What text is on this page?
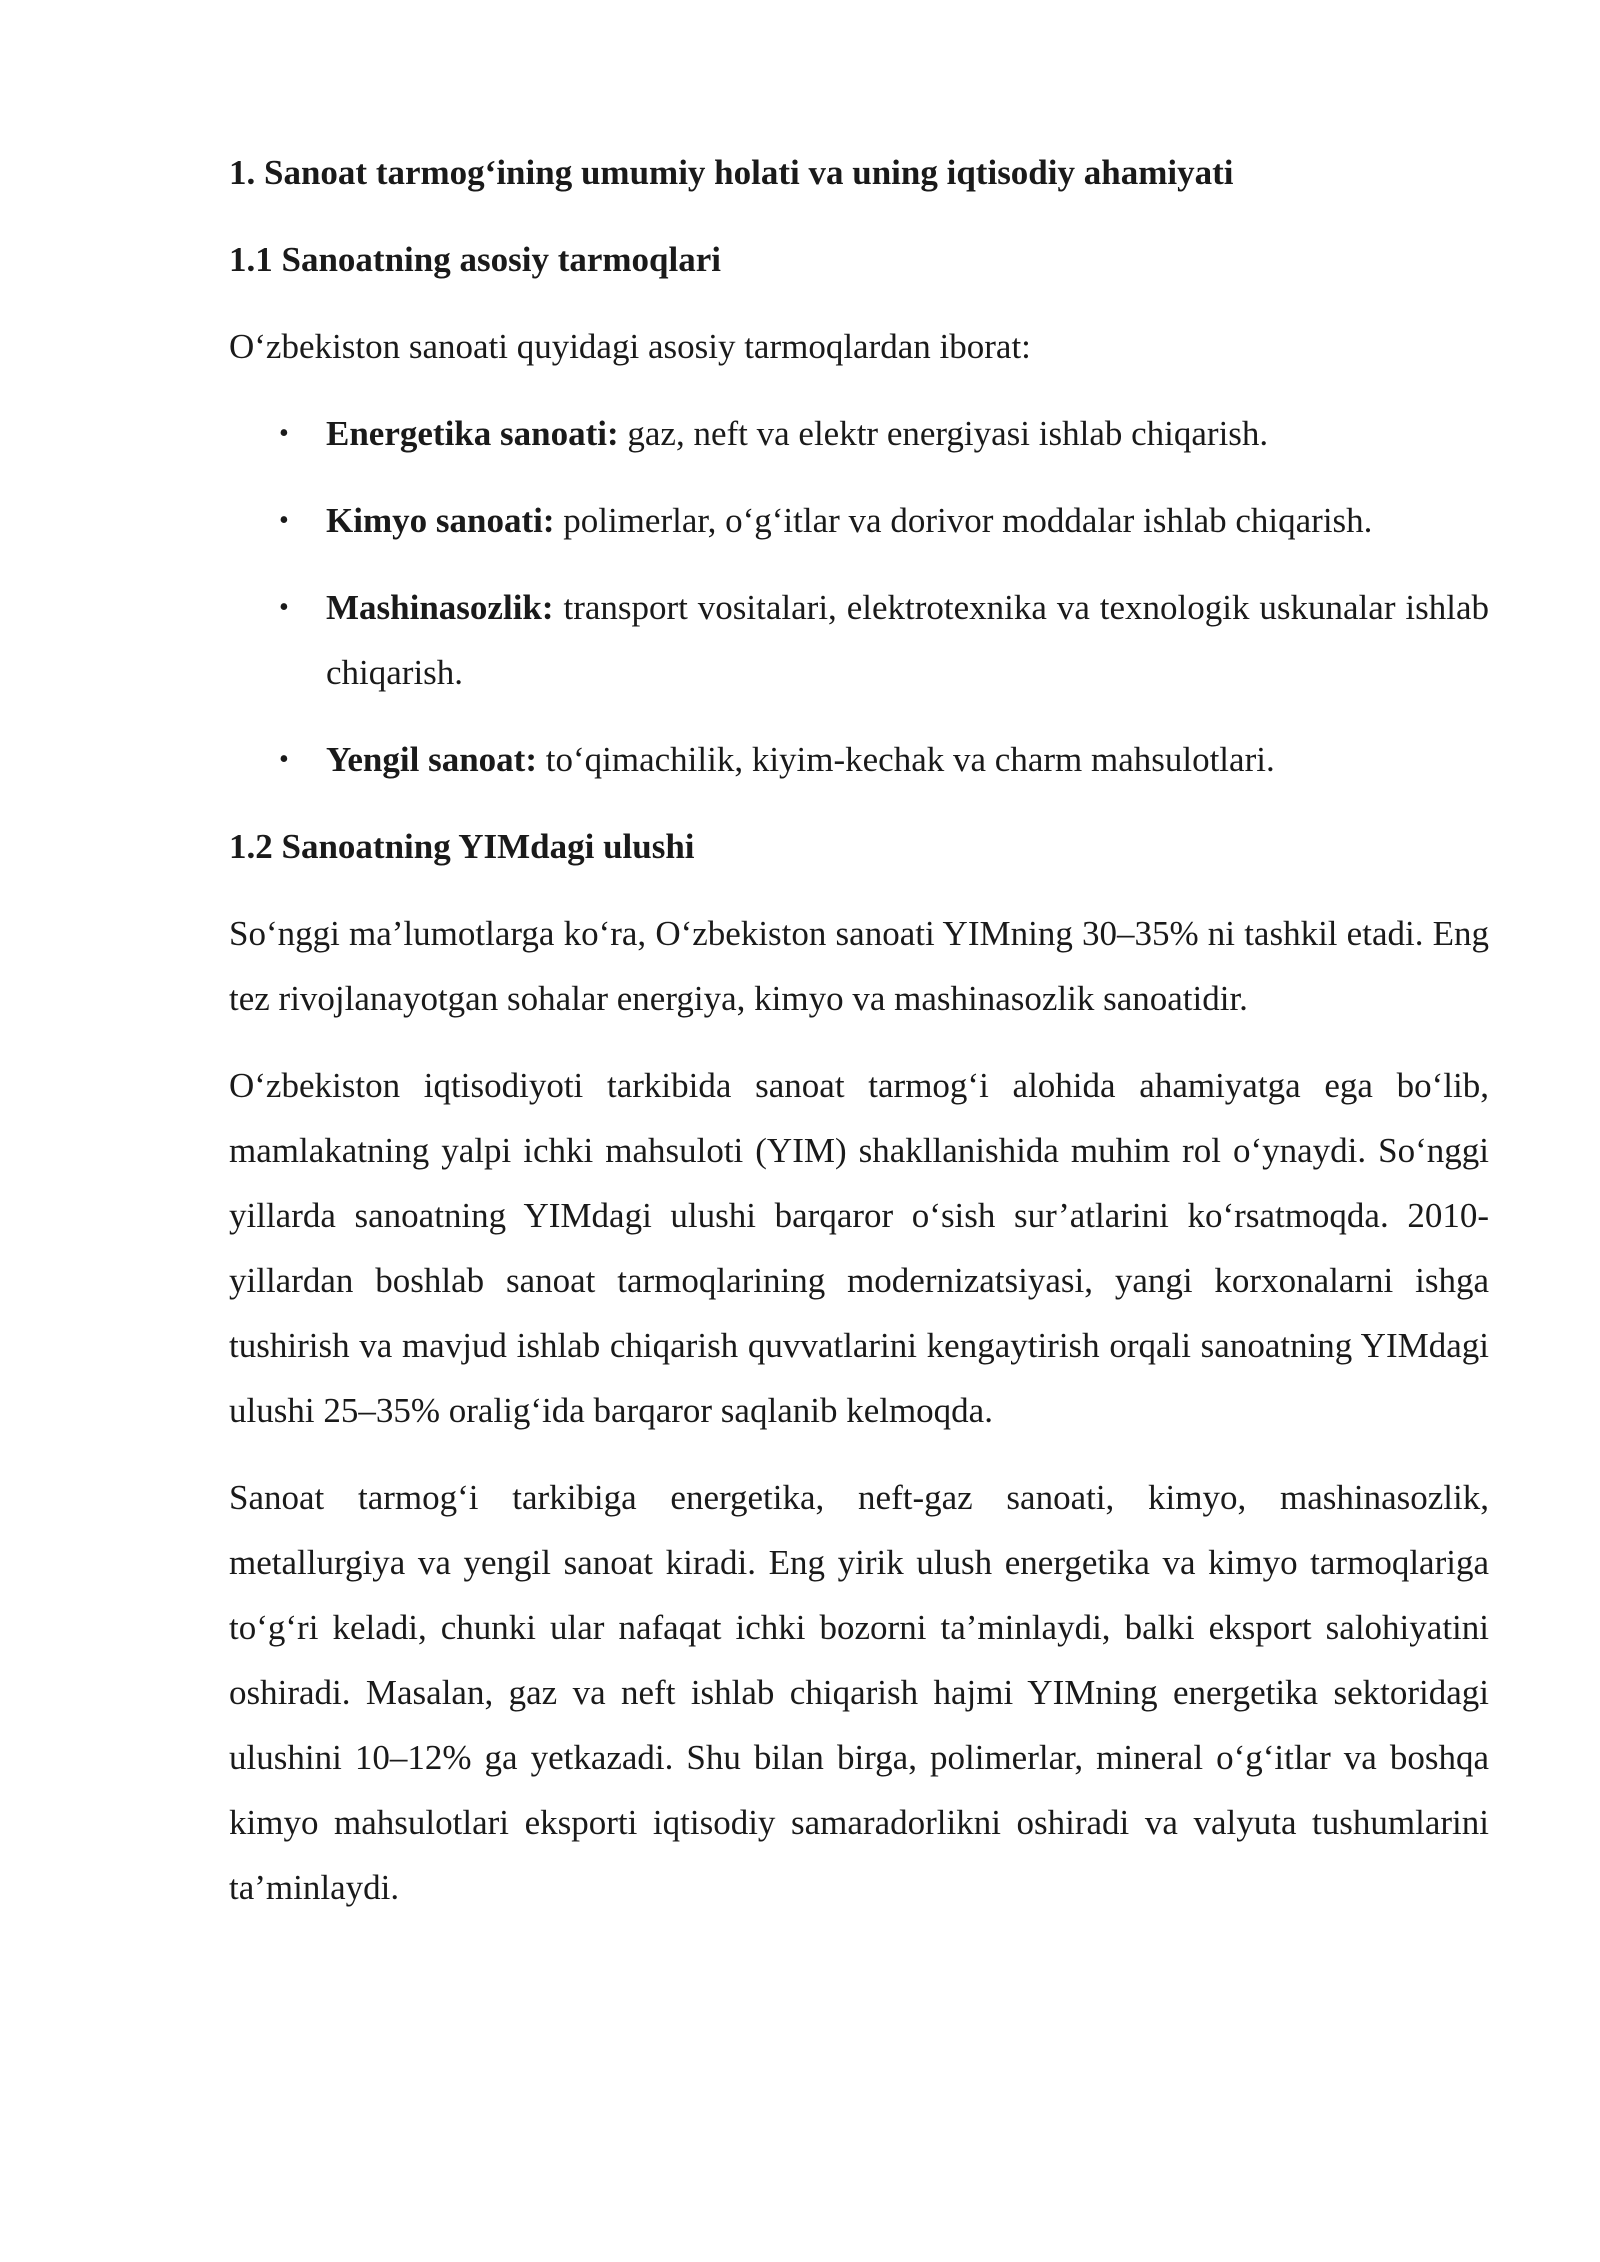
1. Sanoat tarmog‘ining umumiy holati va uning iqtisodiy ahamiyati
1.1 Sanoatning asosiy tarmoqlari

O‘zbekiston sanoati quyidagi asosiy tarmoqlardan iborat:

• Energetika sanoati: gaz, neft va elektr energiyasi ishlab chiqarish.
• Kimyo sanoati: polimerlar, o‘g‘itlar va dorivor moddalar ishlab chiqarish.
• Mashinasozlik: transport vositalari, elektrotexnika va texnologik uskunalar ishlab chiqarish.
• Yengil sanoat: to‘qimachilik, kiyim-kechak va charm mahsulotlari.
1.2 Sanoatning YIMdagi ulushi

So‘nggi ma’lumotlarga ko‘ra, O‘zbekiston sanoati YIMning 30–35% ni tashkil etadi. Eng tez rivojlanayotgan sohalar energiya, kimyo va mashinasozlik sanoatidir.

O‘zbekiston iqtisodiyoti tarkibida sanoat tarmog‘i alohida ahamiyatga ega bo‘lib, mamlakatning yalpi ichki mahsuloti (YIM) shakllanishida muhim rol o‘ynaydi. So‘nggi yillarda sanoatning YIMdagi ulushi barqaror o‘sish sur’atlarini ko‘rsatmoqda. 2010-yillardan boshlab sanoat tarmoqlarining modernizatsiyasi, yangi korxonalarni ishga tushirish va mavjud ishlab chiqarish quvvatlarini kengaytirish orqali sanoatning YIMdagi ulushi 25–35% oralig‘ida barqaror saqlanib kelmoqda.

Sanoat tarmog‘i tarkibiga energetika, neft-gaz sanoati, kimyo, mashinasozlik, metallurgiya va yengil sanoat kiradi. Eng yirik ulush energetika va kimyo tarmoqlariga to‘g‘ri keladi, chunki ular nafaqat ichki bozorni ta’minlaydi, balki eksport salohiyatini oshiradi. Masalan, gaz va neft ishlab chiqarish hajmi YIMning energetika sektoridagi ulushini 10–12% ga yetkazadi. Shu bilan birga, polimerlar, mineral o‘g‘itlar va boshqa kimyo mahsulotlari eksporti iqtisodiy samaradorlikni oshiradi va valyuta tushumlarini ta’minlaydi.
